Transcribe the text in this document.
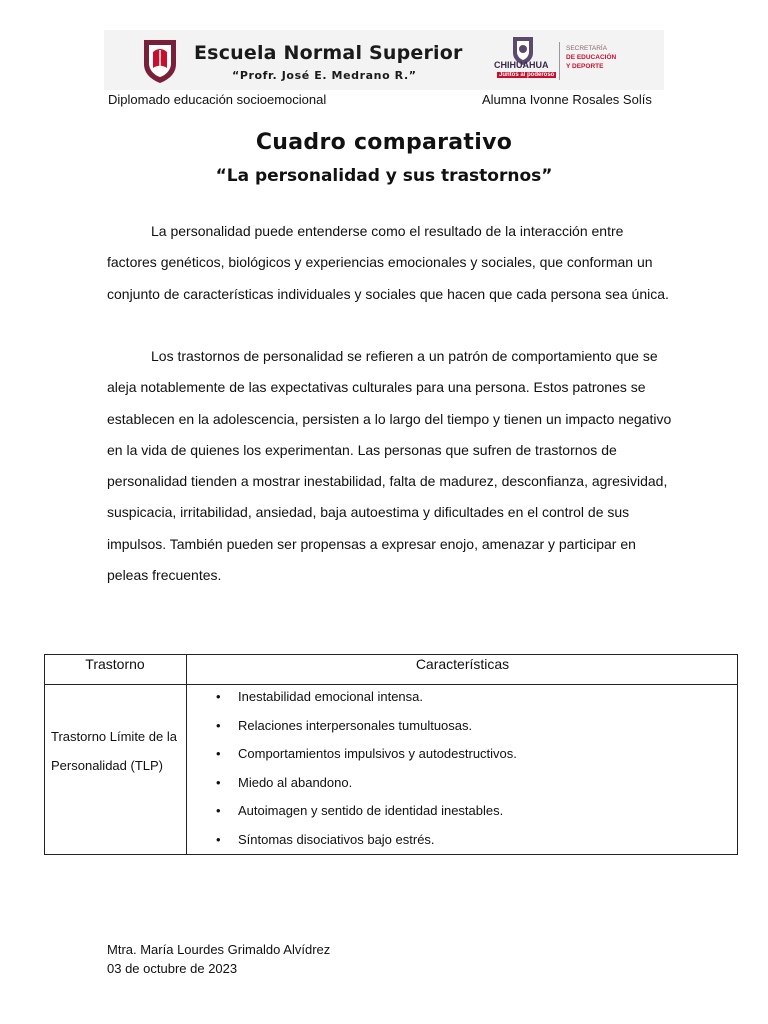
Escuela Normal Superior
“Profr. José E. Medrano R.”
CHIHUAHUA
Juntos al poderoso
SECRETARÍA
DE EDUCACIÓN
Y DEPORTE
Diplomado educación socioemocional	Alumna Ivonne Rosales Solís
Cuadro comparativo
“La personalidad y sus trastornos”
La personalidad puede entenderse como el resultado de la interacción entre factores genéticos, biológicos y experiencias emocionales y sociales, que conforman un conjunto de características individuales y sociales que hacen que cada persona sea única.
Los trastornos de personalidad se refieren a un patrón de comportamiento que se aleja notablemente de las expectativas culturales para una persona. Estos patrones se establecen en la adolescencia, persisten a lo largo del tiempo y tienen un impacto negativo en la vida de quienes los experimentan. Las personas que sufren de trastornos de personalidad tienden a mostrar inestabilidad, falta de madurez, desconfianza, agresividad, suspicacia, irritabilidad, ansiedad, baja autoestima y dificultades en el control de sus impulsos. También pueden ser propensas a expresar enojo, amenazar y participar en peleas frecuentes.
Trastorno	Características
Trastorno Límite de la Personalidad (TLP)
• Inestabilidad emocional intensa.
• Relaciones interpersonales tumultuosas.
• Comportamientos impulsivos y autodestructivos.
• Miedo al abandono.
• Autoimagen y sentido de identidad inestables.
• Síntomas disociativos bajo estrés.
Mtra. María Lourdes Grimaldo Alvídrez
03 de octubre de 2023
